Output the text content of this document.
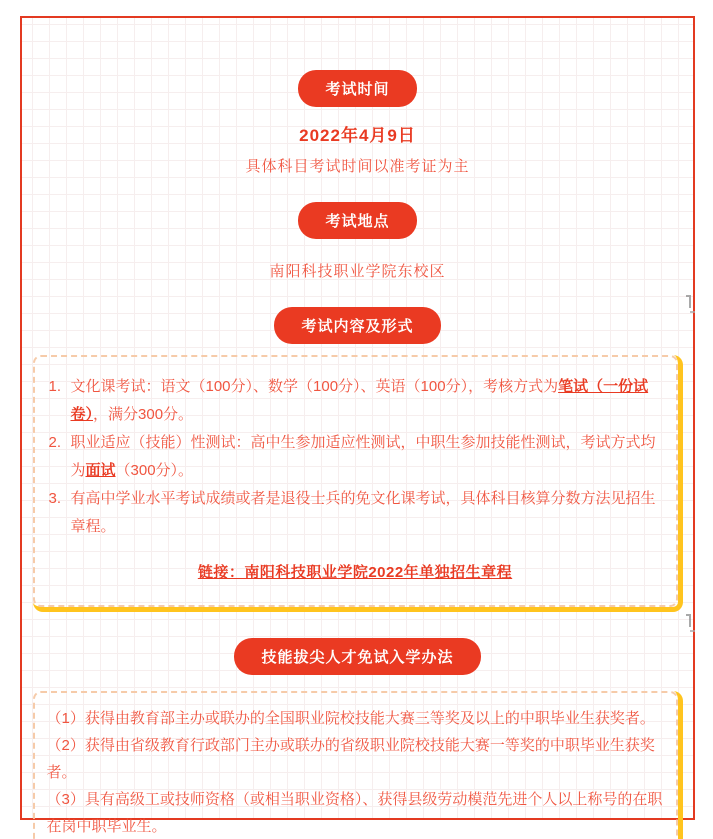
考试时间
2022年4月9日
具体科目考试时间以准考证为主
考试地点
南阳科技职业学院东校区
考试内容及形式
1. 文化课考试：语文（100分）、数学（100分）、英语（100分），考核方式为笔试（一份试卷），满分300分。
2. 职业适应（技能）性测试：高中生参加适应性测试，中职生参加技能性测试，考试方式均为面试（300分）。
3. 有高中学业水平考试成绩或者是退役士兵的免文化课考试，具体科目核算分数方法见招生章程。
链接：南阳科技职业学院2022年单独招生章程
技能拔尖人才免试入学办法
（1）获得由教育部主办或联办的全国职业院校技能大赛三等奖及以上的中职毕业生获奖者。
（2）获得由省级教育行政部门主办或联办的省级职业院校技能大赛一等奖的中职毕业生获奖者。
（3）具有高级工或技师资格（或相当职业资格）、获得县级劳动模范先进个人以上称号的在职在岗中职毕业生。
